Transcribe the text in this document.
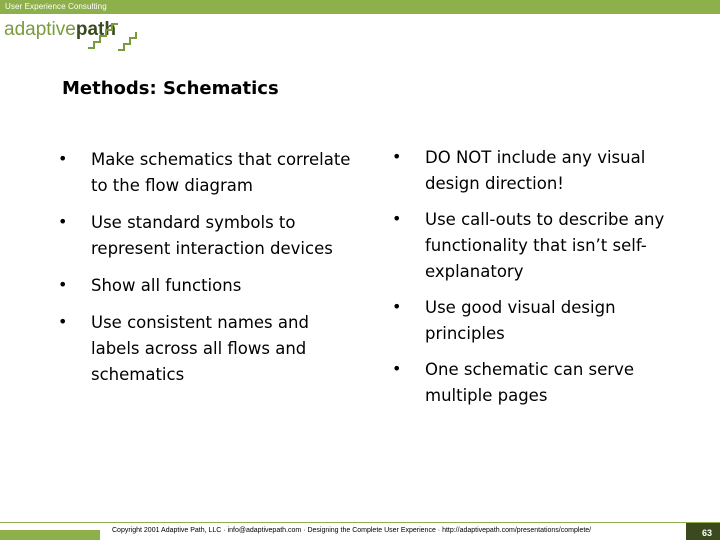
User Experience Consulting
adaptivepath
Methods: Schematics
• Make schematics that correlate to the flow diagram
• Use standard symbols to represent interaction devices
• Show all functions
• Use consistent names and labels across all flows and schematics
• DO NOT include any visual design direction!
• Use call-outs to describe any functionality that isn’t self-explanatory
• Use good visual design principles
• One schematic can serve multiple pages
Copyright 2001 Adaptive Path, LLC · info@adaptivepath.com · Designing the Complete User Experience · http://adaptivepath.com/presentations/complete/	63
